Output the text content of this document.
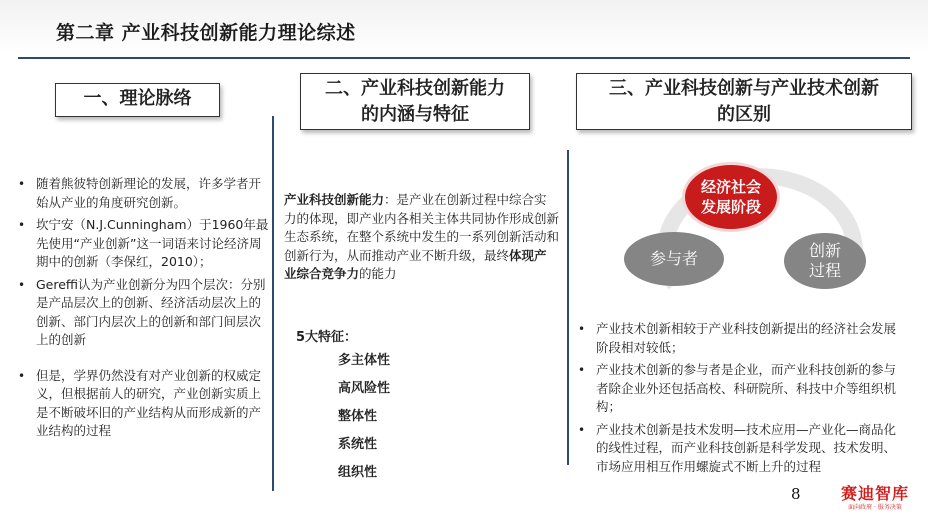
第二章 产业科技创新能力理论综述
一、理论脉络	二、产业科技创新能力
的内涵与特征
三、产业科技创新与产业技术创新
的区别
• 随着熊彼特创新理论的发展，许多学者开始从产业的角度研究创新。
• 坎宁安（N.J.Cunningham）于1960年最先使用“产业创新”这一词语来讨论经济周期中的创新（李保红，2010）；
• Gereffi认为产业创新分为四个层次：分别是产品层次上的创新、经济活动层次上的创新、部门内层次上的创新和部门间层次上的创新
• 但是，学界仍然没有对产业创新的权威定义，但根据前人的研究，产业创新实质上是不断破坏旧的产业结构从而形成新的产业结构的过程
产业科技创新能力：是产业在创新过程中综合实力的体现，即产业内各相关主体共同协作形成创新生态系统，在整个系统中发生的一系列创新活动和创新行为，从而推动产业不断升级，最终体现产业综合竞争力的能力
5大特征：
多主体性
高风险性
整体性
系统性
组织性
经济社会
发展阶段
参与者	创新
过程
• 产业技术创新相较于产业科技创新提出的经济社会发展阶段相对较低；
• 产业技术创新的参与者是企业，而产业科技创新的参与者除企业外还包括高校、科研院所、科技中介等组织机构；
• 产业技术创新是技术发明—技术应用—产业化—商品化的线性过程，而产业科技创新是科学发现、技术发明、市场应用相互作用螺旋式不断上升的过程
8	赛迪智库
面向政府 · 服务决策
